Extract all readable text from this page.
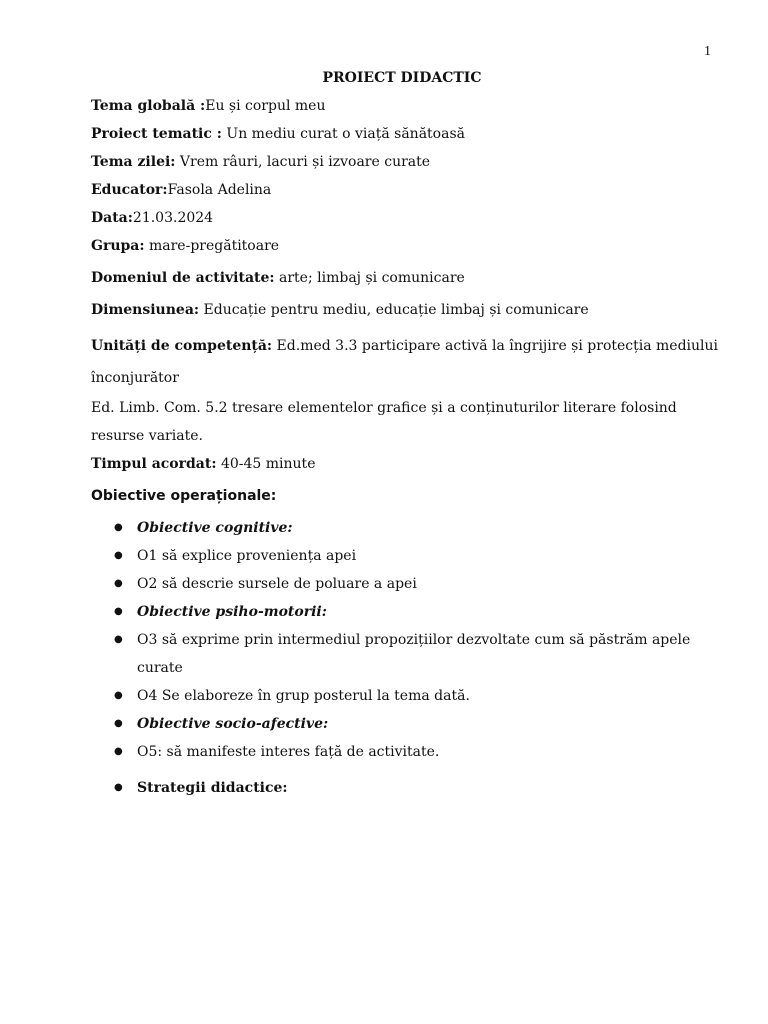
1
PROIECT DIDACTIC

Tema globală :Eu și corpul meu

Proiect tematic : Un mediu curat o viață sănătoasă

Tema zilei: Vrem râuri, lacuri și izvoare curate

Educator:Fasola Adelina

Data:21.03.2024

Grupa: mare-pregătitoare

Domeniul de activitate: arte; limbaj și comunicare

Dimensiunea: Educație pentru mediu, educație limbaj și comunicare

Unități de competență: Ed.med 3.3 participare activă la îngrijire și protecția mediului înconjurător

Ed. Limb. Com. 5.2 tresare elementelor grafice și a conținuturilor literare folosind resurse variate.

Timpul acordat: 40-45 minute

Obiective operaționale:

● Obiective cognitive:
● O1 să explice proveniența apei
● O2 să descrie sursele de poluare a apei
● Obiective psiho-motorii:
● O3 să exprime prin intermediul propozițiilor dezvoltate cum să păstrăm apele curate
● O4 Se elaboreze în grup posterul la tema dată.
● Obiective socio-afective:
● O5: să manifeste interes față de activitate.
● Strategii didactice:
